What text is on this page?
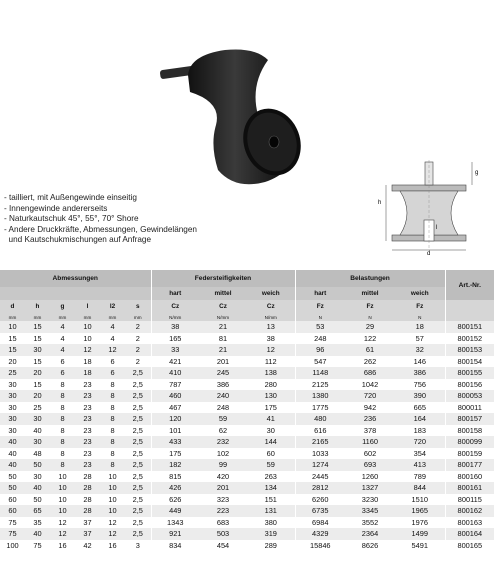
h
d
g
l
- tailliert, mit Außengewinde einseitig
- Innengewinde andererseits
- Naturkautschuk 45°, 55°, 70° Shore
- Andere Druckkräfte, Abmessungen, Gewindelängen
und Kautschukmischungen auf Anfrage
Abmessungen						Federsteifigkeiten			Belastungen			Art.-Nr.
						hart	mittel	weich	hart	mittel	weich	
d	h	g	l	l2	s	Cz	Cz	Cz	Fz	Fz	Fz	
mm	mm	mm	mm	mm	mm	N/mm	N/mm	N/mm	N	N	N	
10	15	4	10	4	2	38	21	13	53	29	18	800151
15	15	4	10	4	2	165	81	38	248	122	57	800152
15	30	4	12	12	2	33	21	12	96	61	32	800153
20	15	6	18	6	2	421	201	112	547	262	146	800154
25	20	6	18	6	2,5	410	245	138	1148	686	386	800155
30	15	8	23	8	2,5	787	386	280	2125	1042	756	800156
30	20	8	23	8	2,5	460	240	130	1380	720	390	800053
30	25	8	23	8	2,5	467	248	175	1775	942	665	800011
30	30	8	23	8	2,5	120	59	41	480	236	164	800157
30	40	8	23	8	2,5	101	62	30	616	378	183	800158
40	30	8	23	8	2,5	433	232	144	2165	1160	720	800099
40	48	8	23	8	2,5	175	102	60	1033	602	354	800159
40	50	8	23	8	2,5	182	99	59	1274	693	413	800177
50	30	10	28	10	2,5	815	420	263	2445	1260	789	800160
50	40	10	28	10	2,5	426	201	134	2812	1327	844	800161
60	50	10	28	10	2,5	626	323	151	6260	3230	1510	800115
60	65	10	28	10	2,5	449	223	131	6735	3345	1965	800162
75	35	12	37	12	2,5	1343	683	380	6984	3552	1976	800163
75	40	12	37	12	2,5	921	503	319	4329	2364	1499	800164
100	75	16	42	16	3	834	454	289	15846	8626	5491	800165
